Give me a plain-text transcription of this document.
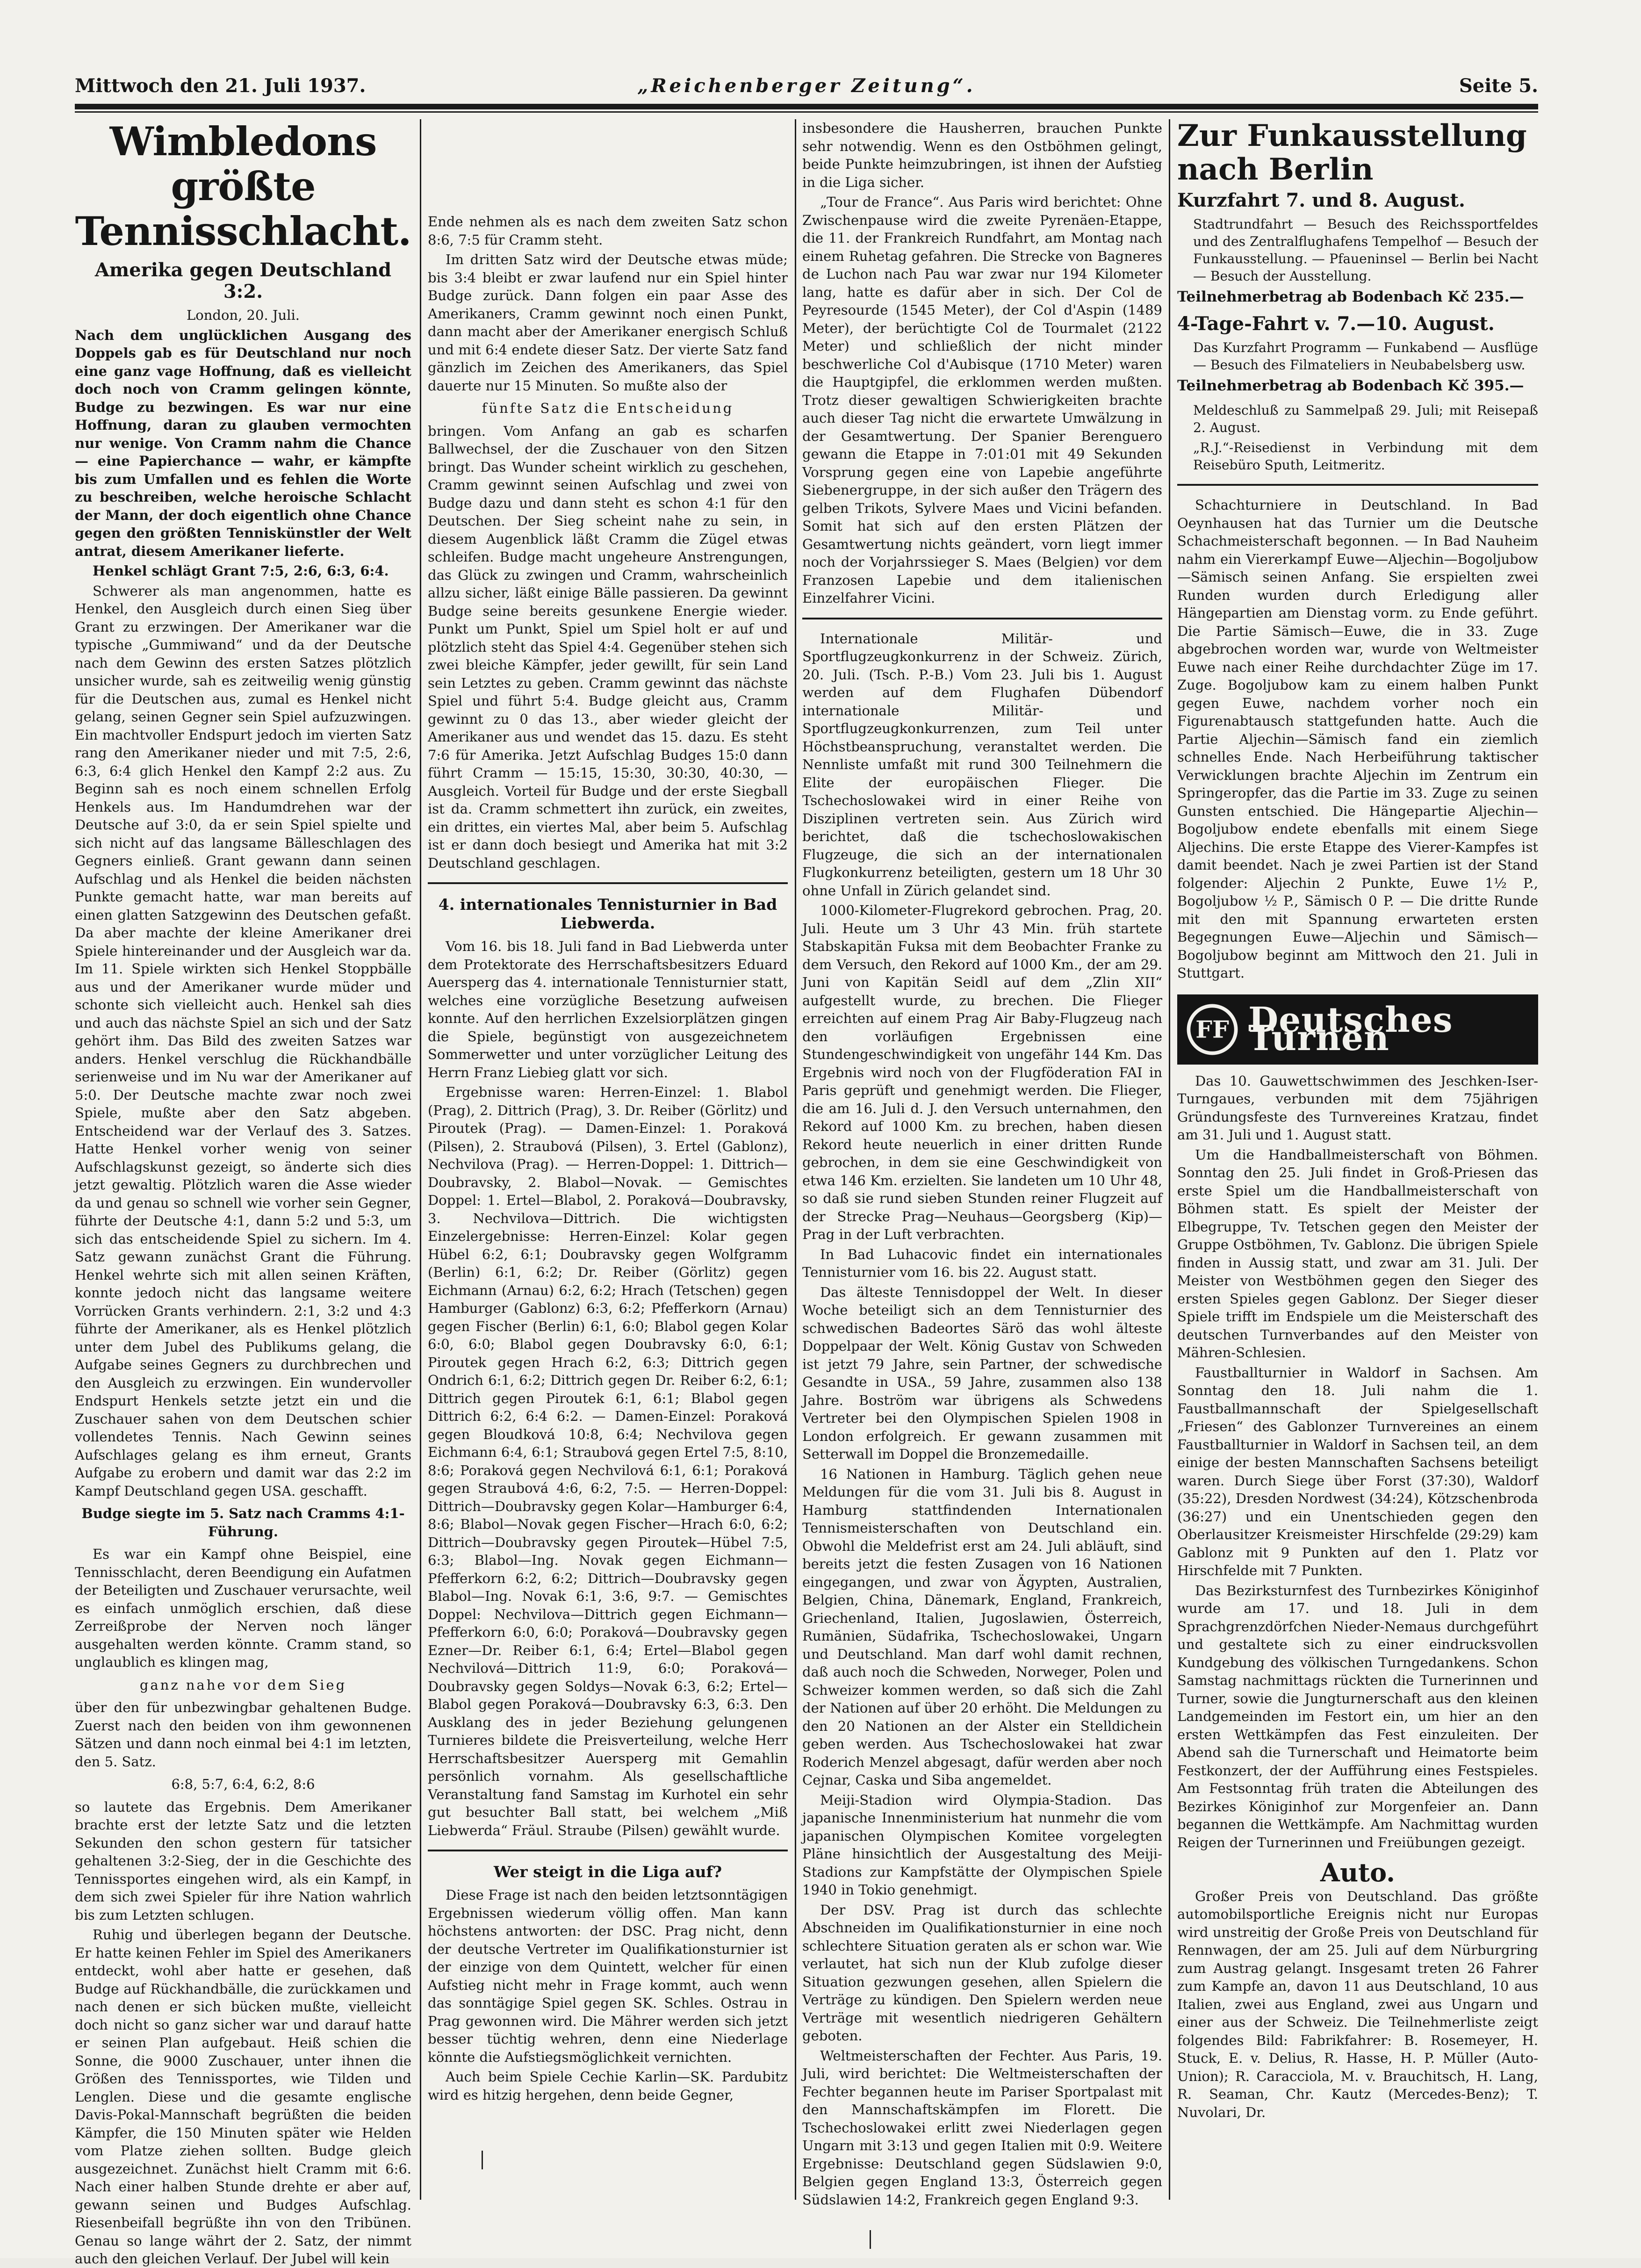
Mittwoch den 21. Juli 1937.	„Reichenberger Zeitung“.	Seite 5.
Wimbledons größte Tennisschlacht.
Amerika gegen Deutschland 3:2.

London, 20. Juli.

Nach dem unglücklichen Ausgang des Doppels gab es für Deutschland nur noch eine ganz vage Hoffnung, daß es vielleicht doch noch von Cramm gelingen könnte, Budge zu bezwingen. Es war nur eine Hoffnung, daran zu glauben vermochten nur wenige. Von Cramm nahm die Chance — eine Papierchance — wahr, er kämpfte bis zum Umfallen und es fehlen die Worte zu beschreiben, welche heroische Schlacht der Mann, der doch eigentlich ohne Chance gegen den größten Tenniskünstler der Welt antrat, diesem Amerikaner lieferte.

Henkel schlägt Grant 7:5, 2:6, 6:3, 6:4.

Schwerer als man angenommen, hatte es Henkel, den Ausgleich durch einen Sieg über Grant zu erzwingen. Der Amerikaner war die typische „Gummiwand“ und da der Deutsche nach dem Gewinn des ersten Satzes plötzlich unsicher wurde, sah es zeitweilig wenig günstig für die Deutschen aus, zumal es Henkel nicht gelang, seinen Gegner sein Spiel aufzuzwingen. Ein machtvoller Endspurt jedoch im vierten Satz rang den Amerikaner nieder und mit 7:5, 2:6, 6:3, 6:4 glich Henkel den Kampf 2:2 aus. Zu Beginn sah es noch einem schnellen Erfolg Henkels aus. Im Handumdrehen war der Deutsche auf 3:0, da er sein Spiel spielte und sich nicht auf das langsame Bälleschlagen des Gegners einließ. Grant gewann dann seinen Aufschlag und als Henkel die beiden nächsten Punkte gemacht hatte, war man bereits auf einen glatten Satzgewinn des Deutschen gefaßt. Da aber machte der kleine Amerikaner drei Spiele hintereinander und der Ausgleich war da. Im 11. Spiele wirkten sich Henkel Stoppbälle aus und der Amerikaner wurde müder und schonte sich vielleicht auch. Henkel sah dies und auch das nächste Spiel an sich und der Satz gehört ihm. Das Bild des zweiten Satzes war anders. Henkel verschlug die Rückhandbälle serienweise und im Nu war der Amerikaner auf 5:0. Der Deutsche machte zwar noch zwei Spiele, mußte aber den Satz abgeben. Entscheidend war der Verlauf des 3. Satzes. Hatte Henkel vorher wenig von seiner Aufschlagskunst gezeigt, so änderte sich dies jetzt gewaltig. Plötzlich waren die Asse wieder da und genau so schnell wie vorher sein Gegner, führte der Deutsche 4:1, dann 5:2 und 5:3, um sich das entscheidende Spiel zu sichern. Im 4. Satz gewann zunächst Grant die Führung. Henkel wehrte sich mit allen seinen Kräften, konnte jedoch nicht das langsame weitere Vorrücken Grants verhindern. 2:1, 3:2 und 4:3 führte der Amerikaner, als es Henkel plötzlich unter dem Jubel des Publikums gelang, die Aufgabe seines Gegners zu durchbrechen und den Ausgleich zu erzwingen. Ein wundervoller Endspurt Henkels setzte jetzt ein und die Zuschauer sahen von dem Deutschen schier vollendetes Tennis. Nach Gewinn seines Aufschlages gelang es ihm erneut, Grants Aufgabe zu erobern und damit war das 2:2 im Kampf Deutschland gegen USA. geschafft.

Budge siegte im 5. Satz nach Cramms 4:1-Führung.

Es war ein Kampf ohne Beispiel, eine Tennisschlacht, deren Beendigung ein Aufatmen der Beteiligten und Zuschauer verursachte, weil es einfach unmöglich erschien, daß diese Zerreißprobe der Nerven noch länger ausgehalten werden könnte. Cramm stand, so unglaublich es klingen mag,

ganz nahe vor dem Sieg

über den für unbezwingbar gehaltenen Budge. Zuerst nach den beiden von ihm gewonnenen Sätzen und dann noch einmal bei 4:1 im letzten, den 5. Satz.

6:8, 5:7, 6:4, 6:2, 8:6

so lautete das Ergebnis. Dem Amerikaner brachte erst der letzte Satz und die letzten Sekunden den schon gestern für tatsicher gehaltenen 3:2-Sieg, der in die Geschichte des Tennissportes eingehen wird, als ein Kampf, in dem sich zwei Spieler für ihre Nation wahrlich bis zum Letzten schlugen.

Ruhig und überlegen begann der Deutsche. Er hatte keinen Fehler im Spiel des Amerikaners entdeckt, wohl aber hatte er gesehen, daß Budge auf Rückhandbälle, die zurückkamen und nach denen er sich bücken mußte, vielleicht doch nicht so ganz sicher war und darauf hatte er seinen Plan aufgebaut. Heiß schien die Sonne, die 9000 Zuschauer, unter ihnen die Größen des Tennissportes, wie Tilden und Lenglen. Diese und die gesamte englische Davis-Pokal-Mannschaft begrüßten die beiden Kämpfer, die 150 Minuten später wie Helden vom Platze ziehen sollten. Budge gleich ausgezeichnet. Zunächst hielt Cramm mit 6:6. Nach einer halben Stunde drehte er aber auf, gewann seinen und Budges Aufschlag. Riesenbeifall begrüßte ihn von den Tribünen. Genau so lange währt der 2. Satz, der nimmt auch den gleichen Verlauf. Der Jubel will kein

Ende nehmen als es nach dem zweiten Satz schon 8:6, 7:5 für Cramm steht.

Im dritten Satz wird der Deutsche etwas müde; bis 3:4 bleibt er zwar laufend nur ein Spiel hinter Budge zurück. Dann folgen ein paar Asse des Amerikaners, Cramm gewinnt noch einen Punkt, dann macht aber der Amerikaner energisch Schluß und mit 6:4 endete dieser Satz. Der vierte Satz fand gänzlich im Zeichen des Amerikaners, das Spiel dauerte nur 15 Minuten. So mußte also der

fünfte Satz die Entscheidung

bringen. Vom Anfang an gab es scharfen Ballwechsel, der die Zuschauer von den Sitzen bringt. Das Wunder scheint wirklich zu geschehen, Cramm gewinnt seinen Aufschlag und zwei von Budge dazu und dann steht es schon 4:1 für den Deutschen. Der Sieg scheint nahe zu sein, in diesem Augenblick läßt Cramm die Zügel etwas schleifen. Budge macht ungeheure Anstrengungen, das Glück zu zwingen und Cramm, wahrscheinlich allzu sicher, läßt einige Bälle passieren. Da gewinnt Budge seine bereits gesunkene Energie wieder. Punkt um Punkt, Spiel um Spiel holt er auf und plötzlich steht das Spiel 4:4. Gegenüber stehen sich zwei bleiche Kämpfer, jeder gewillt, für sein Land sein Letztes zu geben. Cramm gewinnt das nächste Spiel und führt 5:4. Budge gleicht aus, Cramm gewinnt zu 0 das 13., aber wieder gleicht der Amerikaner aus und wendet das 15. dazu. Es steht 7:6 für Amerika. Jetzt Aufschlag Budges 15:0 dann führt Cramm — 15:15, 15:30, 30:30, 40:30, — Ausgleich. Vorteil für Budge und der erste Siegball ist da. Cramm schmettert ihn zurück, ein zweites, ein drittes, ein viertes Mal, aber beim 5. Aufschlag ist er dann doch besiegt und Amerika hat mit 3:2 Deutschland geschlagen.

4. internationales Tennisturnier in Bad Liebwerda.

Vom 16. bis 18. Juli fand in Bad Liebwerda unter dem Protektorate des Herrschaftsbesitzers Eduard Auersperg das 4. internationale Tennisturnier statt, welches eine vorzügliche Besetzung aufweisen konnte. Auf den herrlichen Exzelsiorplätzen gingen die Spiele, begünstigt von ausgezeichnetem Sommerwetter und unter vorzüglicher Leitung des Herrn Franz Liebieg glatt vor sich.

Ergebnisse waren: Herren-Einzel: 1. Blabol (Prag), 2. Dittrich (Prag), 3. Dr. Reiber (Görlitz) und Piroutek (Prag). — Damen-Einzel: 1. Poraková (Pilsen), 2. Straubová (Pilsen), 3. Ertel (Gablonz), Nechvilova (Prag). — Herren-Doppel: 1. Dittrich—Doubravsky, 2. Blabol—Novak. — Gemischtes Doppel: 1. Ertel—Blabol, 2. Poraková—Doubravsky, 3. Nechvilova—Dittrich. Die wichtigsten Einzelergebnisse: Herren-Einzel: Kolar gegen Hübel 6:2, 6:1; Doubravsky gegen Wolfgramm (Berlin) 6:1, 6:2; Dr. Reiber (Görlitz) gegen Eichmann (Arnau) 6:2, 6:2; Hrach (Tetschen) gegen Hamburger (Gablonz) 6:3, 6:2; Pfefferkorn (Arnau) gegen Fischer (Berlin) 6:1, 6:0; Blabol gegen Kolar 6:0, 6:0; Blabol gegen Doubravsky 6:0, 6:1; Piroutek gegen Hrach 6:2, 6:3; Dittrich gegen Ondrich 6:1, 6:2; Dittrich gegen Dr. Reiber 6:2, 6:1; Dittrich gegen Piroutek 6:1, 6:1; Blabol gegen Dittrich 6:2, 6:4 6:2. — Damen-Einzel: Poraková gegen Bloudková 10:8, 6:4; Nechvilova gegen Eichmann 6:4, 6:1; Straubová gegen Ertel 7:5, 8:10, 8:6; Poraková gegen Nechvilová 6:1, 6:1; Poraková gegen Straubová 4:6, 6:2, 7:5. — Herren-Doppel: Dittrich—Doubravsky gegen Kolar—Hamburger 6:4, 8:6; Blabol—Novak gegen Fischer—Hrach 6:0, 6:2; Dittrich—Doubravsky gegen Piroutek—Hübel 7:5, 6:3; Blabol—Ing. Novak gegen Eichmann—Pfefferkorn 6:2, 6:2; Dittrich—Doubravsky gegen Blabol—Ing. Novak 6:1, 3:6, 9:7. — Gemischtes Doppel: Nechvilova—Dittrich gegen Eichmann—Pfefferkorn 6:0, 6:0; Poraková—Doubravsky gegen Ezner—Dr. Reiber 6:1, 6:4; Ertel—Blabol gegen Nechvilová—Dittrich 11:9, 6:0; Poraková—Doubravsky gegen Soldys—Novak 6:3, 6:2; Ertel—Blabol gegen Poraková—Doubravsky 6:3, 6:3. Den Ausklang des in jeder Beziehung gelungenen Turnieres bildete die Preisverteilung, welche Herr Herrschaftsbesitzer Auersperg mit Gemahlin persönlich vornahm. Als gesellschaftliche Veranstaltung fand Samstag im Kurhotel ein sehr gut besuchter Ball statt, bei welchem „Miß Liebwerda“ Fräul. Straube (Pilsen) gewählt wurde.

Wer steigt in die Liga auf?

Diese Frage ist nach den beiden letztsonntägigen Ergebnissen wiederum völlig offen. Man kann höchstens antworten: der DSC. Prag nicht, denn der deutsche Vertreter im Qualifikationsturnier ist der einzige von dem Quintett, welcher für einen Aufstieg nicht mehr in Frage kommt, auch wenn das sonntägige Spiel gegen SK. Schles. Ostrau in Prag gewonnen wird. Die Mährer werden sich jetzt besser tüchtig wehren, denn eine Niederlage könnte die Aufstiegsmöglichkeit vernichten.

Auch beim Spiele Cechie Karlin—SK. Pardubitz wird es hitzig hergehen, denn beide Gegner,

insbesondere die Hausherren, brauchen Punkte sehr notwendig. Wenn es den Ostböhmen gelingt, beide Punkte heimzubringen, ist ihnen der Aufstieg in die Liga sicher.

„Tour de France“. Aus Paris wird berichtet: Ohne Zwischenpause wird die zweite Pyrenäen-Etappe, die 11. der Frankreich Rundfahrt, am Montag nach einem Ruhetag gefahren. Die Strecke von Bagneres de Luchon nach Pau war zwar nur 194 Kilometer lang, hatte es dafür aber in sich. Der Col de Peyresourde (1545 Meter), der Col d'Aspin (1489 Meter), der berüchtigte Col de Tourmalet (2122 Meter) und schließlich der nicht minder beschwerliche Col d'Aubisque (1710 Meter) waren die Hauptgipfel, die erklommen werden mußten. Trotz dieser gewaltigen Schwierigkeiten brachte auch dieser Tag nicht die erwartete Umwälzung in der Gesamtwertung. Der Spanier Berenguero gewann die Etappe in 7:01:01 mit 49 Sekunden Vorsprung gegen eine von Lapebie angeführte Siebenergruppe, in der sich außer den Trägern des gelben Trikots, Sylvere Maes und Vicini befanden. Somit hat sich auf den ersten Plätzen der Gesamtwertung nichts geändert, vorn liegt immer noch der Vorjahrssieger S. Maes (Belgien) vor dem Franzosen Lapebie und dem italienischen Einzelfahrer Vicini.

Internationale Militär- und Sportflugzeugkonkurrenz in der Schweiz. Zürich, 20. Juli. (Tsch. P.-B.) Vom 23. Juli bis 1. August werden auf dem Flughafen Dübendorf internationale Militär- und Sportflugzeugkonkurrenzen, zum Teil unter Höchstbeanspruchung, veranstaltet werden. Die Nennliste umfaßt mit rund 300 Teilnehmern die Elite der europäischen Flieger. Die Tschechoslowakei wird in einer Reihe von Disziplinen vertreten sein. Aus Zürich wird berichtet, daß die tschechoslowakischen Flugzeuge, die sich an der internationalen Flugkonkurrenz beteiligten, gestern um 18 Uhr 30 ohne Unfall in Zürich gelandet sind.

1000-Kilometer-Flugrekord gebrochen. Prag, 20. Juli. Heute um 3 Uhr 43 Min. früh startete Stabskapitän Fuksa mit dem Beobachter Franke zu dem Versuch, den Rekord auf 1000 Km., der am 29. Juni von Kapitän Seidl auf dem „Zlin XII“ aufgestellt wurde, zu brechen. Die Flieger erreichten auf einem Prag Air Baby-Flugzeug nach den vorläufigen Ergebnissen eine Stundengeschwindigkeit von ungefähr 144 Km. Das Ergebnis wird noch von der Flugföderation FAI in Paris geprüft und genehmigt werden. Die Flieger, die am 16. Juli d. J. den Versuch unternahmen, den Rekord auf 1000 Km. zu brechen, haben diesen Rekord heute neuerlich in einer dritten Runde gebrochen, in dem sie eine Geschwindigkeit von etwa 146 Km. erzielten. Sie landeten um 10 Uhr 48, so daß sie rund sieben Stunden reiner Flugzeit auf der Strecke Prag—Neuhaus—Georgsberg (Kip)—Prag in der Luft verbrachten.

In Bad Luhacovic findet ein internationales Tennisturnier vom 16. bis 22. August statt.

Das älteste Tennisdoppel der Welt. In dieser Woche beteiligt sich an dem Tennisturnier des schwedischen Badeortes Särö das wohl älteste Doppelpaar der Welt. König Gustav von Schweden ist jetzt 79 Jahre, sein Partner, der schwedische Gesandte in USA., 59 Jahre, zusammen also 138 Jahre. Boström war übrigens als Schwedens Vertreter bei den Olympischen Spielen 1908 in London erfolgreich. Er gewann zusammen mit Setterwall im Doppel die Bronzemedaille.

16 Nationen in Hamburg. Täglich gehen neue Meldungen für die vom 31. Juli bis 8. August in Hamburg stattfindenden Internationalen Tennismeisterschaften von Deutschland ein. Obwohl die Meldefrist erst am 24. Juli abläuft, sind bereits jetzt die festen Zusagen von 16 Nationen eingegangen, und zwar von Ägypten, Australien, Belgien, China, Dänemark, England, Frankreich, Griechenland, Italien, Jugoslawien, Österreich, Rumänien, Südafrika, Tschechoslowakei, Ungarn und Deutschland. Man darf wohl damit rechnen, daß auch noch die Schweden, Norweger, Polen und Schweizer kommen werden, so daß sich die Zahl der Nationen auf über 20 erhöht. Die Meldungen zu den 20 Nationen an der Alster ein Stelldichein geben werden. Aus Tschechoslowakei hat zwar Roderich Menzel abgesagt, dafür werden aber noch Cejnar, Caska und Siba angemeldet.

Meiji-Stadion wird Olympia-Stadion. Das japanische Innenministerium hat nunmehr die vom japanischen Olympischen Komitee vorgelegten Pläne hinsichtlich der Ausgestaltung des Meiji-Stadions zur Kampfstätte der Olympischen Spiele 1940 in Tokio genehmigt.

Der DSV. Prag ist durch das schlechte Abschneiden im Qualifikationsturnier in eine noch schlechtere Situation geraten als er schon war. Wie verlautet, hat sich nun der Klub zufolge dieser Situation gezwungen gesehen, allen Spielern die Verträge zu kündigen. Den Spielern werden neue Verträge mit wesentlich niedrigeren Gehältern geboten.

Weltmeisterschaften der Fechter. Aus Paris, 19. Juli, wird berichtet: Die Weltmeisterschaften der Fechter begannen heute im Pariser Sportpalast mit den Mannschaftskämpfen im Florett. Die Tschechoslowakei erlitt zwei Niederlagen gegen Ungarn mit 3:13 und gegen Italien mit 0:9. Weitere Ergebnisse: Deutschland gegen Südslawien 9:0, Belgien gegen England 13:3, Österreich gegen Südslawien 14:2, Frankreich gegen England 9:3.

Zur Funkausstellung nach Berlin
Kurzfahrt 7. und 8. August.
Stadtrundfahrt — Besuch des Reichssportfeldes und des Zentralflughafens Tempelhof — Besuch der Funkausstellung. — Pfaueninsel — Berlin bei Nacht — Besuch der Ausstellung.
Teilnehmerbetrag ab Bodenbach Kč 235.—
4-Tage-Fahrt v. 7.—10. August.
Das Kurzfahrt Programm — Funkabend — Ausflüge — Besuch des Filmateliers in Neubabelsberg usw.
Teilnehmerbetrag ab Bodenbach Kč 395.—
Meldeschluß zu Sammelpaß 29. Juli; mit Reisepaß 2. August.
„R.J.“-Reisedienst in Verbindung mit dem Reisebüro Sputh, Leitmeritz.

Schachturniere in Deutschland. In Bad Oeynhausen hat das Turnier um die Deutsche Schachmeisterschaft begonnen. — In Bad Nauheim nahm ein Viererkampf Euwe—Aljechin—Bogoljubow—Sämisch seinen Anfang. Sie erspielten zwei Runden wurden durch Erledigung aller Hängepartien am Dienstag vorm. zu Ende geführt. Die Partie Sämisch—Euwe, die in 33. Zuge abgebrochen worden war, wurde von Weltmeister Euwe nach einer Reihe durchdachter Züge im 17. Zuge. Bogoljubow kam zu einem halben Punkt gegen Euwe, nachdem vorher noch ein Figurenabtausch stattgefunden hatte. Auch die Partie Aljechin—Sämisch fand ein ziemlich schnelles Ende. Nach Herbeiführung taktischer Verwicklungen brachte Aljechin im Zentrum ein Springeropfer, das die Partie im 33. Zuge zu seinen Gunsten entschied. Die Hängepartie Aljechin—Bogoljubow endete ebenfalls mit einem Siege Aljechins. Die erste Etappe des Vierer-Kampfes ist damit beendet. Nach je zwei Partien ist der Stand folgender: Aljechin 2 Punkte, Euwe 1½ P., Bogoljubow ½ P., Sämisch 0 P. — Die dritte Runde mit den mit Spannung erwarteten ersten Begegnungen Euwe—Aljechin und Sämisch—Bogoljubow beginnt am Mittwoch den 21. Juli in Stuttgart.

FF Deutsches Turnen

Das 10. Gauwettschwimmen des Jeschken-Iser-Turngaues, verbunden mit dem 75jährigen Gründungsfeste des Turnvereines Kratzau, findet am 31. Juli und 1. August statt.

Um die Handballmeisterschaft von Böhmen. Sonntag den 25. Juli findet in Groß-Priesen das erste Spiel um die Handballmeisterschaft von Böhmen statt. Es spielt der Meister der Elbegruppe, Tv. Tetschen gegen den Meister der Gruppe Ostböhmen, Tv. Gablonz. Die übrigen Spiele finden in Aussig statt, und zwar am 31. Juli. Der Meister von Westböhmen gegen den Sieger des ersten Spieles gegen Gablonz. Der Sieger dieser Spiele trifft im Endspiele um die Meisterschaft des deutschen Turnverbandes auf den Meister von Mähren-Schlesien.

Faustballturnier in Waldorf in Sachsen. Am Sonntag den 18. Juli nahm die 1. Faustballmannschaft der Spielgesellschaft „Friesen“ des Gablonzer Turnvereines an einem Faustballturnier in Waldorf in Sachsen teil, an dem einige der besten Mannschaften Sachsens beteiligt waren. Durch Siege über Forst (37:30), Waldorf (35:22), Dresden Nordwest (34:24), Kötzschenbroda (36:27) und ein Unentschieden gegen den Oberlausitzer Kreismeister Hirschfelde (29:29) kam Gablonz mit 9 Punkten auf den 1. Platz vor Hirschfelde mit 7 Punkten.

Das Bezirksturnfest des Turnbezirkes Königinhof wurde am 17. und 18. Juli in dem Sprachgrenzdörfchen Nieder-Nemaus durchgeführt und gestaltete sich zu einer eindrucksvollen Kundgebung des völkischen Turngedankens. Schon Samstag nachmittags rückten die Turnerinnen und Turner, sowie die Jungturnerschaft aus den kleinen Landgemeinden im Festort ein, um hier an den ersten Wettkämpfen das Fest einzuleiten. Der Abend sah die Turnerschaft und Heimatorte beim Festkonzert, der der Aufführung eines Festspieles. Am Festsonntag früh traten die Abteilungen des Bezirkes Königinhof zur Morgenfeier an. Dann begannen die Wettkämpfe. Am Nachmittag wurden Reigen der Turnerinnen und Freiübungen gezeigt.

Auto.

Großer Preis von Deutschland. Das größte automobilsportliche Ereignis nicht nur Europas wird unstreitig der Große Preis von Deutschland für Rennwagen, der am 25. Juli auf dem Nürburgring zum Austrag gelangt. Insgesamt treten 26 Fahrer zum Kampfe an, davon 11 aus Deutschland, 10 aus Italien, zwei aus England, zwei aus Ungarn und einer aus der Schweiz. Die Teilnehmerliste zeigt folgendes Bild: Fabrikfahrer: B. Rosemeyer, H. Stuck, E. v. Delius, R. Hasse, H. P. Müller (Auto-Union); R. Caracciola, M. v. Brauchitsch, H. Lang, R. Seaman, Chr. Kautz (Mercedes-Benz); T. Nuvolari, Dr.
